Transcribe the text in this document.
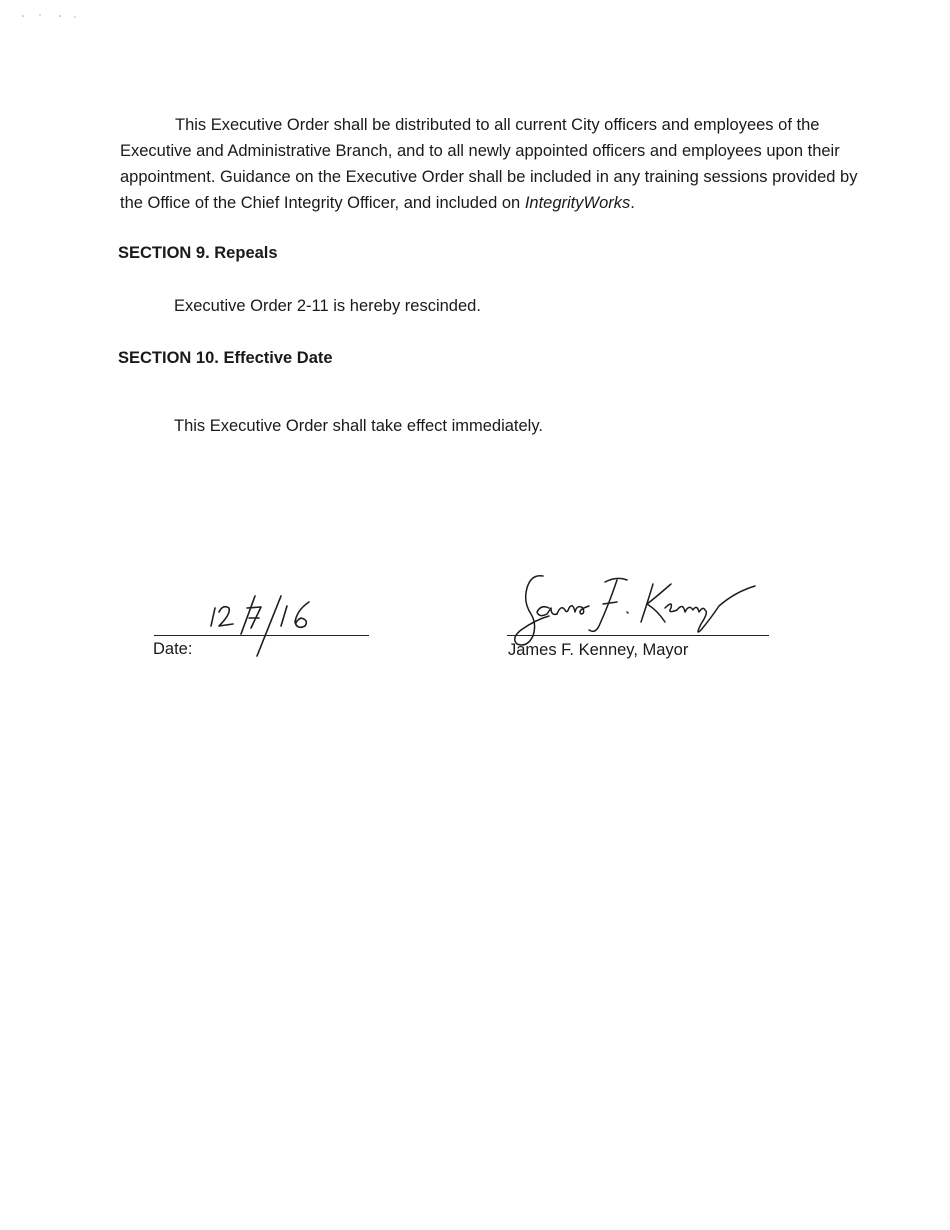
This Executive Order shall be distributed to all current City officers and employees of the Executive and Administrative Branch, and to all newly appointed officers and employees upon their appointment. Guidance on the Executive Order shall be included in any training sessions provided by the Office of the Chief Integrity Officer, and included on IntegrityWorks.

SECTION 9. Repeals

Executive Order 2-11 is hereby rescinded.

SECTION 10. Effective Date

This Executive Order shall take effect immediately.

Date:	James F. Kenney, Mayor
